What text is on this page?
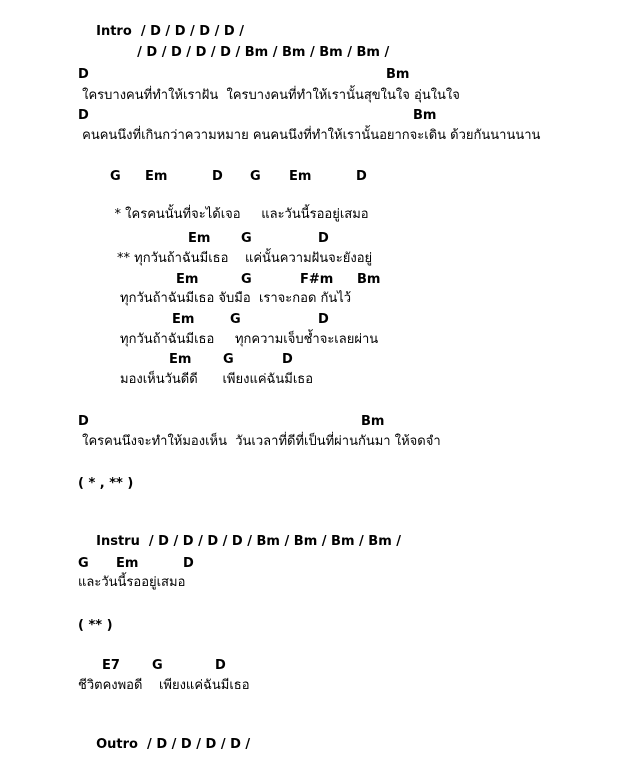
Intro / D / D / D / D /

/ D / D / D / D / Bm / Bm / Bm / Bm /

D

	Bm

ใครบางคนที่ทำให้เราฝัน  ใครบางคนที่ทำให้เรานั้นสุขในใจ อุ่นในใจ

D

	Bm

คนคนนึงที่เกินกว่าความหมาย คนคนนึงที่ทำให้เรานั้นอยากจะเดิน ด้วยกันนานนาน

G

Em

	D

G

Em

	D

* ใครคนนั้นที่จะได้เจอ     และวันนี้รออยู่เสมอ

Em

G

	D

** ทุกวันถ้าฉันมีเธอ    แค่นั้นความฝันจะยังอยู่

Em

	G

	F#m

Bm

ทุกวันถ้าฉันมีเธอ จับมือ  เราจะกอด กันไว้

Em

	G

	D

ทุกวันถ้าฉันมีเธอ     ทุกความเจ็บช้ำจะเลยผ่าน

Em

G

	D

มองเห็นวันดีดี      เพียงแค่ฉันมีเธอ

D

	Bm

ใครคนนึงจะทำให้มองเห็น  วันเวลาที่ดีที่เป็นที่ผ่านกันมา ให้จดจำ
( * , ** )

Instru / D / D / D / D / Bm / Bm / Bm / Bm /

G

Em

	D

และวันนี้รออยู่เสมอ
( ** )

E7

G

	D

ชีวิตคงพอดี    เพียงแค่ฉันมีเธอ

Outro / D / D / D / D /
